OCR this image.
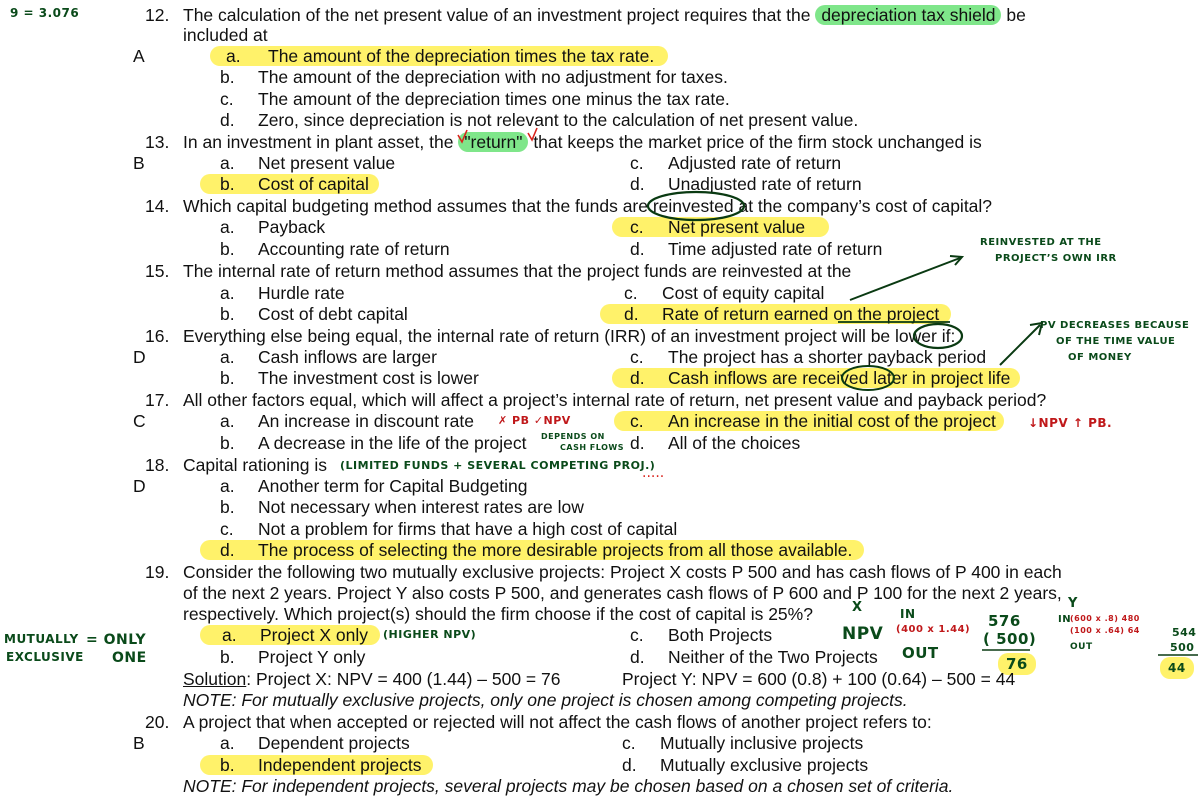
9 = 3.076	12. The calculation of the net present value of an investment project requires that the depreciation tax shield be
included at
A	a. The amount of the depreciation times the tax rate.
b. The amount of the depreciation with no adjustment for taxes.
c. The amount of the depreciation times one minus the tax rate.
d. Zero, since depreciation is not relevant to the calculation of net present value.
13. In an investment in plant asset, the "return" that keeps the market price of the firm stock unchanged is
B	a. Net present value
b. Cost of capital
c. Adjusted rate of return
d. Unadjusted rate of return
14. Which capital budgeting method assumes that the funds are reinvested at the company’s cost of capital?
a. Payback
b. Accounting rate of return
c. Net present value
d. Time adjusted rate of return	REINVESTED AT THE
PROJECT’S OWN IRR
15. The internal rate of return method assumes that the project funds are reinvested at the
a. Hurdle rate
b. Cost of debt capital
c. Cost of equity capital
d. Rate of return earned on the project
16. Everything else being equal, the internal rate of return (IRR) of an investment project will be lower if:
D	a. Cash inflows are larger
b. The investment cost is lower
c. The project has a shorter payback period
d. Cash inflows are received later in project life
PV DECREASES BECAUSE
OF THE TIME VALUE
OF MONEY
17. All other factors equal, which will affect a project’s internal rate of return, net present value and payback period?
C	a. An increase in discount rate ✗ PB ✓NPV
b. A decrease in the life of the project DEPENDS ON
CASH FLOWS
c. An increase in the initial cost of the project
d. All of the choices
↓NPV ↑ PB.
18. Capital rationing is (LIMITED FUNDS + SEVERAL COMPETING PROJ.)
D	a. Another term for Capital Budgeting
b. Not necessary when interest rates are low
c. Not a problem for firms that have a high cost of capital
d. The process of selecting the more desirable projects from all those available.
19. Consider the following two mutually exclusive projects: Project X costs P 500 and has cash flows of P 400 in each
of the next 2 years. Project Y also costs P 500, and generates cash flows of P 600 and P 100 for the next 2 years,
respectively. Which project(s) should the firm choose if the cost of capital is 25%?
MUTUALLY
EXCLUSIVE
= ONLY
ONE
a. Project X only	(HIGHER NPV)
b. Project Y only
c. Both Projects
d. Neither of the Two Projects
X
NPV
IN
(400 x 1.44)
OUT
576
( 500)
76
Y
IN
(600 x .8) 480
(100 x .64) 64	544
OUT	500
44
Solution: Project X: NPV = 400 (1.44) – 500 = 76	Project Y: NPV = 600 (0.8) + 100 (0.64) – 500 = 44
NOTE: For mutually exclusive projects, only one project is chosen among competing projects.
20. A project that when accepted or rejected will not affect the cash flows of another project refers to:
B	a. Dependent projects
b. Independent projects
c. Mutually inclusive projects
d. Mutually exclusive projects
NOTE: For independent projects, several projects may be chosen based on a chosen set of criteria.
·····
